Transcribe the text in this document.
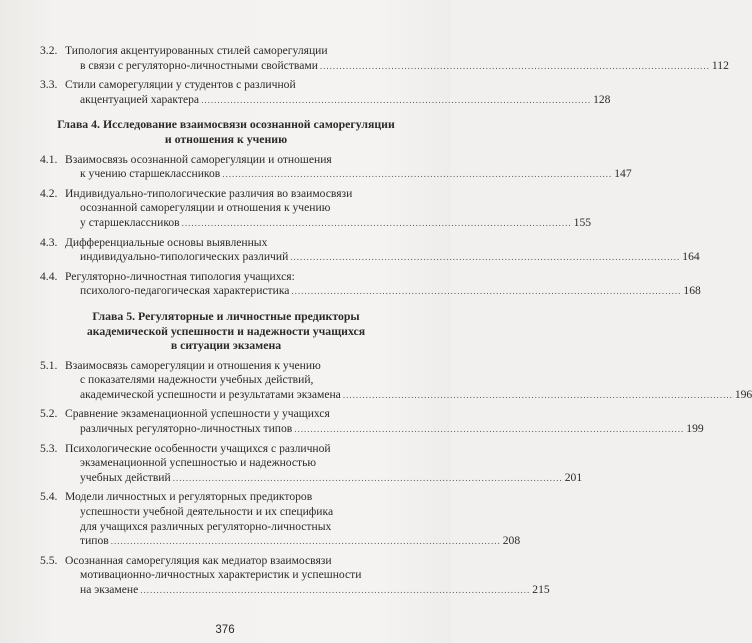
3.2. Типология акцентуированных стилей саморегуляции
в связи с регуляторно-личностными свойствами ........................................................................................................................ 112
3.3. Стили саморегуляции у студентов с различной
акцентуацией характера ........................................................................................................................ 128
Глава 4. Исследование взаимосвязи осознанной саморегуляции
и отношения к учению
4.1. Взаимосвязь осознанной саморегуляции и отношения
к учению старшеклассников ........................................................................................................................ 147
4.2. Индивидуально-типологические различия во взаимосвязи
осознанной саморегуляции и отношения к учению
у старшеклассников ........................................................................................................................ 155
4.3. Дифференциальные основы выявленных
индивидуально-типологических различий ........................................................................................................................ 164
4.4. Регуляторно-личностная типология учащихся:
психолого-педагогическая характеристика ........................................................................................................................ 168
Глава 5. Регуляторные и личностные предикторы
академической успешности и надежности учащихся
в ситуации экзамена
5.1. Взаимосвязь саморегуляции и отношения к учению
с показателями надежности учебных действий,
академической успешности и результатами экзамена ........................................................................................................................ 196
5.2. Сравнение экзаменационной успешности у учащихся
различных регуляторно-личностных типов ........................................................................................................................ 199
5.3. Психологические особенности учащихся с различной
экзаменационной успешностью и надежностью
учебных действий ........................................................................................................................ 201
5.4. Модели личностных и регуляторных предикторов
успешности учебной деятельности и их специфика
для учащихся различных регуляторно-личностных
типов ........................................................................................................................ 208
5.5. Осознанная саморегуляция как медиатор взаимосвязи
мотивационно-личностных характеристик и успешности
на экзамене ........................................................................................................................ 215
376
